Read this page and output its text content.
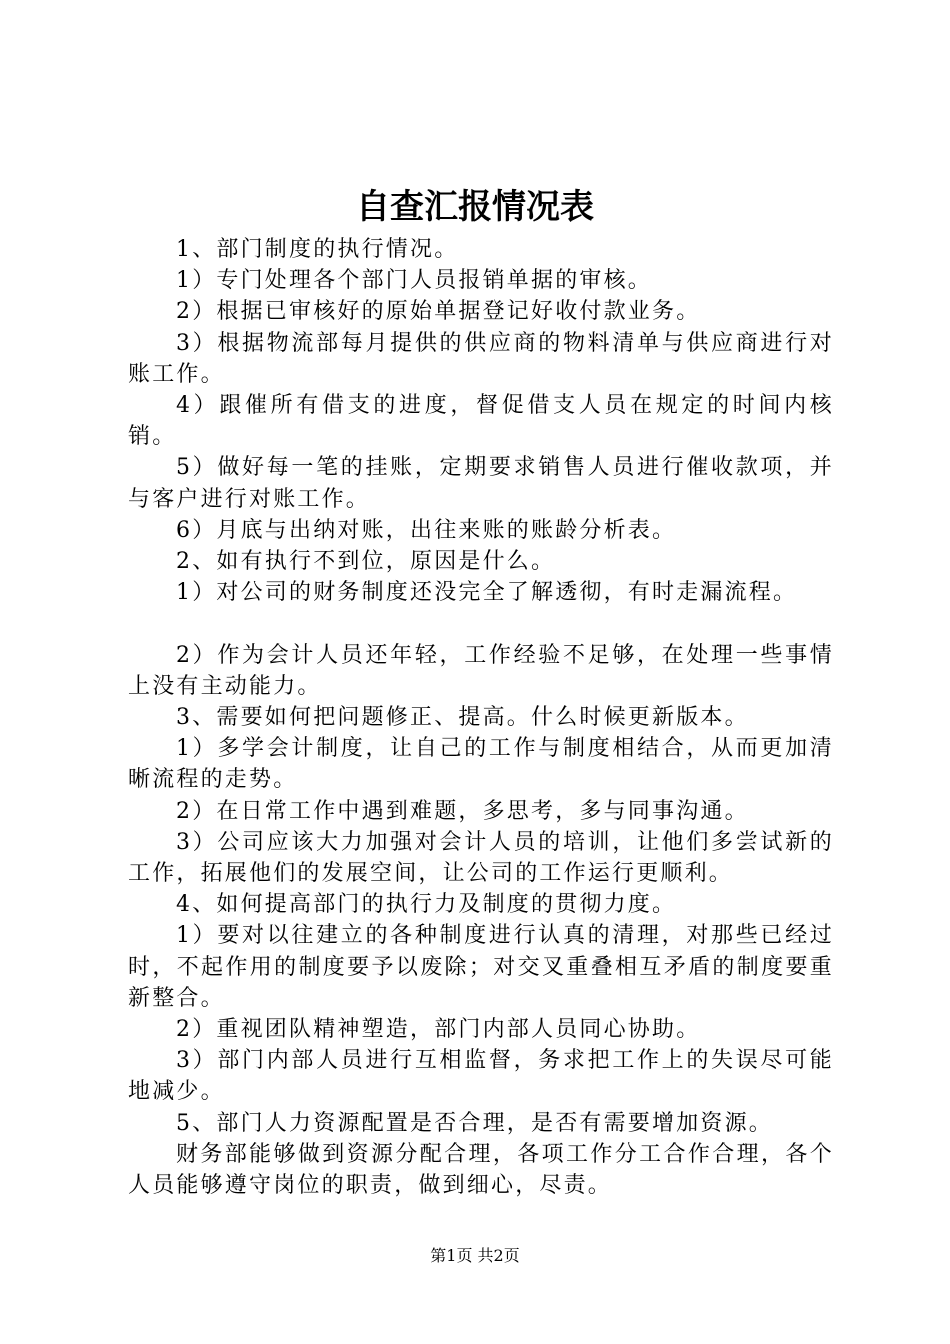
自查汇报情况表

1、部门制度的执行情况。

1）专门处理各个部门人员报销单据的审核。

2）根据已审核好的原始单据登记好收付款业务。

3）根据物流部每月提供的供应商的物料清单与供应商进行对账工作。

4）跟催所有借支的进度，督促借支人员在规定的时间内核销。

5）做好每一笔的挂账，定期要求销售人员进行催收款项，并与客户进行对账工作。

6）月底与出纳对账，出往来账的账龄分析表。

2、如有执行不到位，原因是什么。

1）对公司的财务制度还没完全了解透彻，有时走漏流程。

2）作为会计人员还年轻，工作经验不足够，在处理一些事情上没有主动能力。

3、需要如何把问题修正、提高。什么时候更新版本。

1）多学会计制度，让自己的工作与制度相结合，从而更加清晰流程的走势。

2）在日常工作中遇到难题，多思考，多与同事沟通。

3）公司应该大力加强对会计人员的培训，让他们多尝试新的工作，拓展他们的发展空间，让公司的工作运行更顺利。

4、如何提高部门的执行力及制度的贯彻力度。

1）要对以往建立的各种制度进行认真的清理，对那些已经过时，不起作用的制度要予以废除；对交叉重叠相互矛盾的制度要重新整合。

2）重视团队精神塑造，部门内部人员同心协助。

3）部门内部人员进行互相监督，务求把工作上的失误尽可能地减少。

5、部门人力资源配置是否合理，是否有需要增加资源。

财务部能够做到资源分配合理，各项工作分工合作合理，各个人员能够遵守岗位的职责，做到细心，尽责。

第1页 共2页
